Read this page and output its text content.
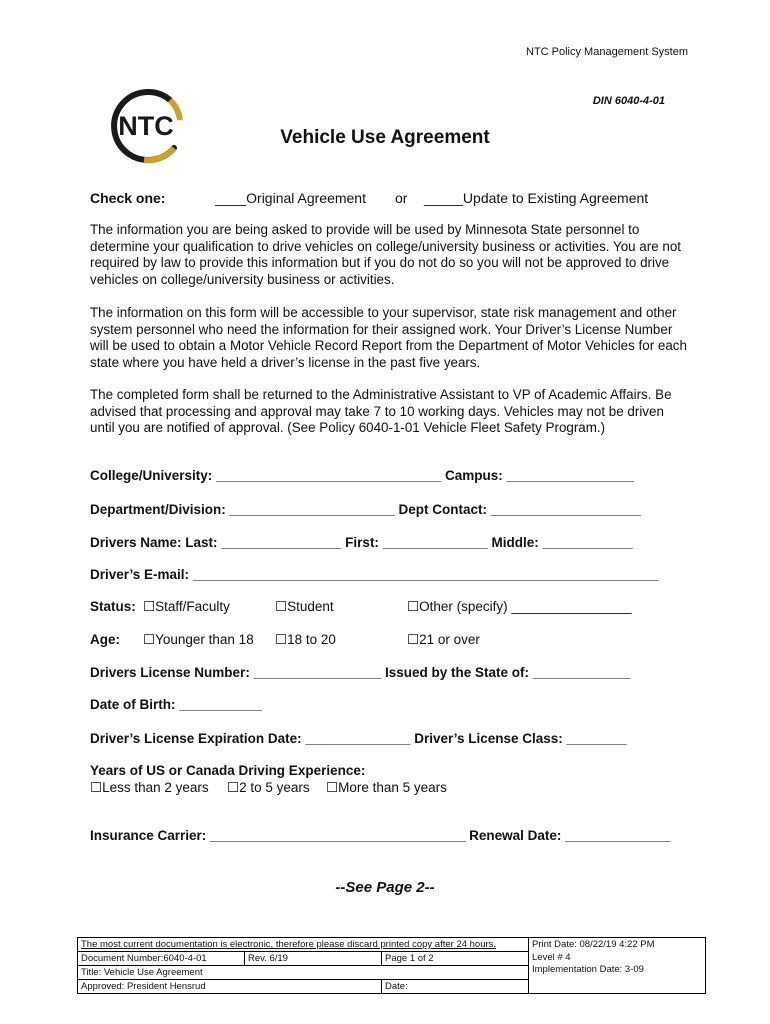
NTC Policy Management System
DIN 6040-4-01
NTC	Vehicle Use Agreement
Check one:	____Original Agreement or _____Update to Existing Agreement
The information you are being asked to provide will be used by Minnesota State personnel to determine your qualification to drive vehicles on college/university business or activities. You are not required by law to provide this information but if you do not do so you will not be approved to drive vehicles on college/university business or activities.
The information on this form will be accessible to your supervisor, state risk management and other system personnel who need the information for their assigned work. Your Driver’s License Number will be used to obtain a Motor Vehicle Record Report from the Department of Motor Vehicles for each state where you have held a driver’s license in the past five years.
The completed form shall be returned to the Administrative Assistant to VP of Academic Affairs. Be advised that processing and approval may take 7 to 10 working days. Vehicles may not be driven until you are notified of approval. (See Policy 6040-1-01 Vehicle Fleet Safety Program.)
College/University: ______________________________ Campus: _________________
Department/Division: ______________________ Dept Contact: ____________________
Drivers Name: Last: ________________ First: ______________ Middle: ____________
Driver’s E-mail: ______________________________________________________________
Status: ☐Staff/Faculty	☐Student	☐Other (specify) ________________
Age: ☐Younger than 18 ☐18 to 20	☐21 or over
Drivers License Number: _________________ Issued by the State of: _____________
Date of Birth: ___________
Driver’s License Expiration Date: ______________ Driver’s License Class: ________
Years of US or Canada Driving Experience:
☐Less than 2 years ☐2 to 5 years ☐More than 5 years
Insurance Carrier: __________________________________ Renewal Date: ______________
--See Page 2--
The most current documentation is electronic, therefore please discard printed copy after 24 hours.			Print Date: 08/22/19 4:22 PM
Level # 4
Implementation Date: 3-09

Document Number:6040-4-01	Rev. 6/19	Page 1 of 2	
Title: Vehicle Use Agreement			
Approved: President Hensrud		Date:	
